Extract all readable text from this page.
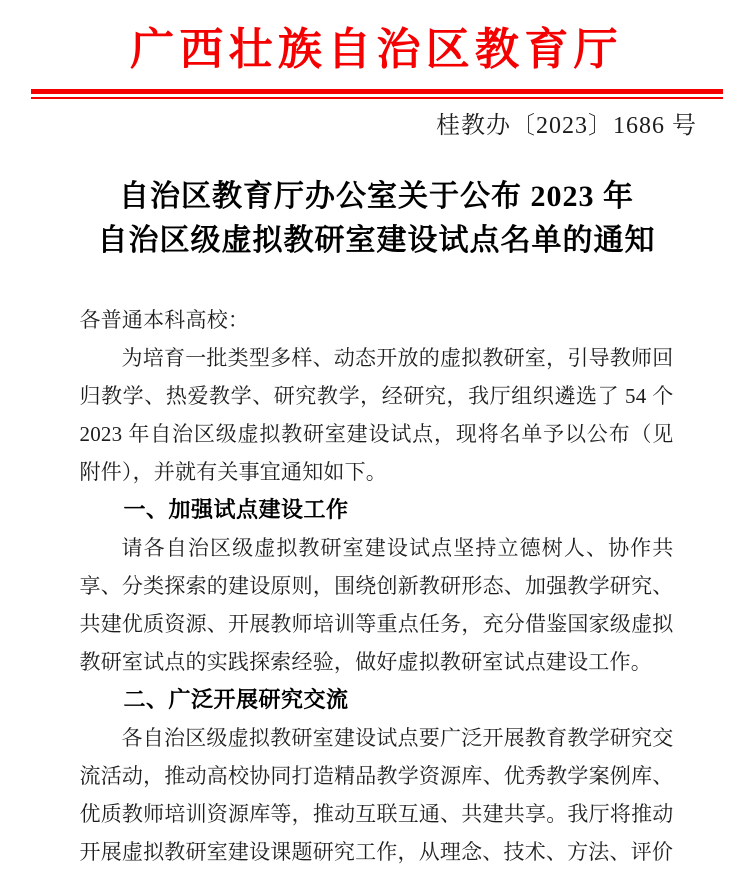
广西壮族自治区教育厅
桂教办〔2023〕1686 号
自治区教育厅办公室关于公布 2023 年
自治区级虚拟教研室建设试点名单的通知

各普通本科高校：

为培育一批类型多样、动态开放的虚拟教研室，引导教师回归教学、热爱教学、研究教学，经研究，我厅组织遴选了 54 个 2023 年自治区级虚拟教研室建设试点，现将名单予以公布（见附件），并就有关事宜通知如下。

一、加强试点建设工作

请各自治区级虚拟教研室建设试点坚持立德树人、协作共享、分类探索的建设原则，围绕创新教研形态、加强教学研究、共建优质资源、开展教师培训等重点任务，充分借鉴国家级虚拟教研室试点的实践探索经验，做好虚拟教研室试点建设工作。

二、广泛开展研究交流

各自治区级虚拟教研室建设试点要广泛开展教育教学研究交流活动，推动高校协同打造精品教学资源库、优秀教学案例库、优质教师培训资源库等，推动互联互通、共建共享。我厅将推动开展虚拟教研室建设课题研究工作，从理念、技术、方法、评价
